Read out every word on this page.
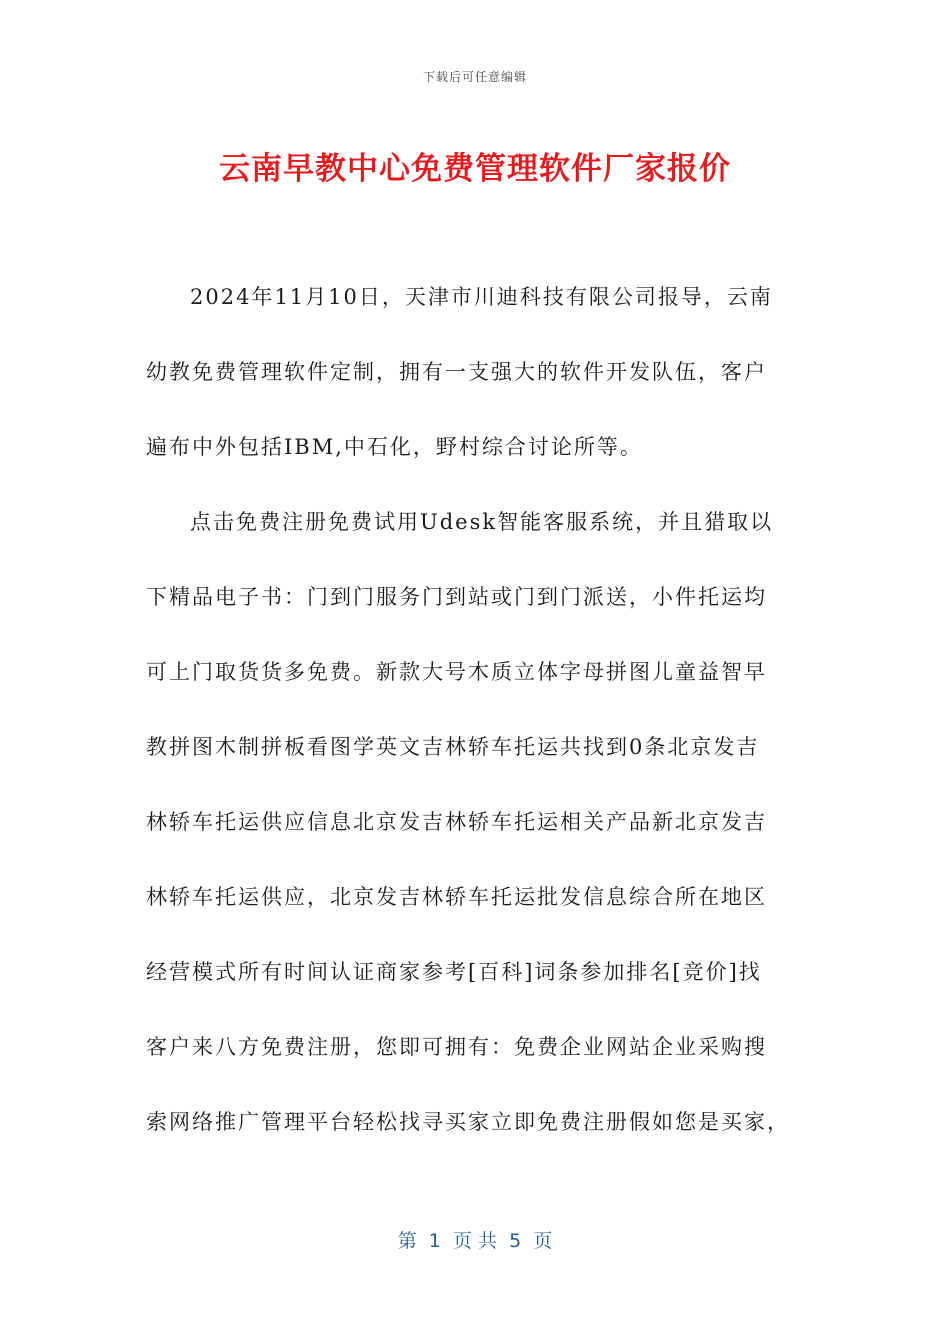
下载后可任意编辑
云南早教中心免费管理软件厂家报价

2024年11月10日，天津市川迪科技有限公司报导，云南
幼教免费管理软件定制，拥有一支强大的软件开发队伍，客户
遍布中外包括IBM,中石化，野村综合讨论所等。

点击免费注册免费试用Udesk智能客服系统，并且猎取以
下精品电子书：门到门服务门到站或门到门派送，小件托运均
可上门取货货多免费。新款大号木质立体字母拼图儿童益智早
教拼图木制拼板看图学英文吉林轿车托运共找到0条北京发吉
林轿车托运供应信息北京发吉林轿车托运相关产品新北京发吉
林轿车托运供应，北京发吉林轿车托运批发信息综合所在地区
经营模式所有时间认证商家参考[百科]词条参加排名[竞价]找
客户来八方免费注册，您即可拥有：免费企业网站企业采购搜
索网络推广管理平台轻松找寻买家立即免费注册假如您是买家，

第  1  页 共  5  页
